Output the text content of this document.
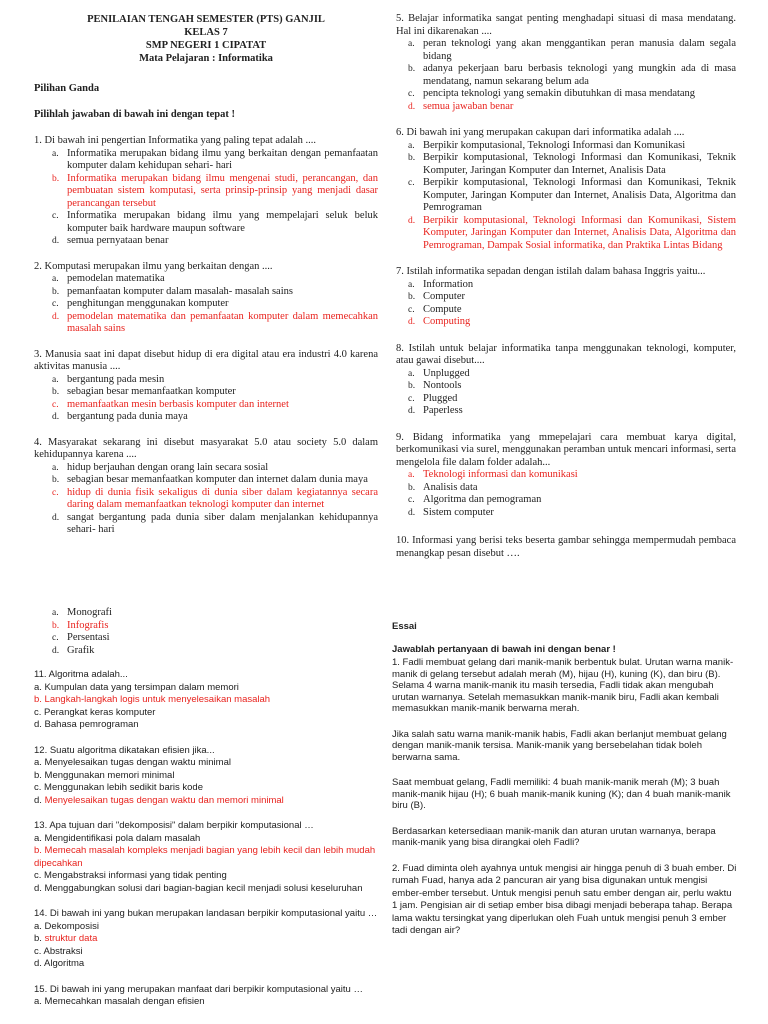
PENILAIAN TENGAH SEMESTER (PTS) GANJIL
KELAS 7
SMP NEGERI 1 CIPATAT
Mata Pelajaran : Informatika
Pilihan Ganda
Pilihlah jawaban di bawah ini dengan tepat !
1. Di bawah ini pengertian Informatika yang paling tepat adalah ....
a. Informatika merupakan bidang ilmu yang berkaitan dengan pemanfaatan komputer dalam kehidupan sehari- hari
b. Informatika merupakan bidang ilmu mengenai studi, perancangan, dan pembuatan sistem komputasi, serta prinsip-prinsip yang menjadi dasar perancangan tersebut
c. Informatika merupakan bidang ilmu yang mempelajari seluk beluk komputer baik hardware maupun software
d. semua pernyataan benar
2. Komputasi merupakan ilmu yang berkaitan dengan ....
a. pemodelan matematika
b. pemanfaatan komputer dalam masalah- masalah sains
c. penghitungan menggunakan komputer
d. pemodelan matematika dan pemanfaatan komputer dalam memecahkan masalah sains
3. Manusia saat ini dapat disebut hidup di era digital atau era industri 4.0 karena aktivitas manusia ....
a. bergantung pada mesin
b. sebagian besar memanfaatkan komputer
c. memanfaatkan mesin berbasis komputer dan internet
d. bergantung pada dunia maya
4. Masyarakat sekarang ini disebut masyarakat 5.0 atau society 5.0 dalam kehidupannya karena ....
a. hidup berjauhan dengan orang lain secara sosial
b. sebagian besar memanfaatkan komputer dan internet dalam dunia maya
c. hidup di dunia fisik sekaligus di dunia siber dalam kegiatannya secara daring dalam memanfaatkan teknologi komputer dan internet
d. sangat bergantung pada dunia siber dalam menjalankan kehidupannya sehari- hari
5. Belajar informatika sangat penting menghadapi situasi di masa mendatang. Hal ini dikarenakan ....
a. peran teknologi yang akan menggantikan peran manusia dalam segala bidang
b. adanya pekerjaan baru berbasis teknologi yang mungkin ada di masa mendatang, namun sekarang belum ada
c. pencipta teknologi yang semakin dibutuhkan di masa mendatang
d. semua jawaban benar
6. Di bawah ini yang merupakan cakupan dari informatika adalah ....
a. Berpikir komputasional, Teknologi Informasi dan Komunikasi
b. Berpikir komputasional, Teknologi Informasi dan Komunikasi, Teknik Komputer, Jaringan Komputer dan Internet, Analisis Data
c. Berpikir komputasional, Teknologi Informasi dan Komunikasi, Teknik Komputer, Jaringan Komputer dan Internet, Analisis Data, Algoritma dan Pemrograman
d. Berpikir komputasional, Teknologi Informasi dan Komunikasi, Sistem Komputer, Jaringan Komputer dan Internet, Analisis Data, Algoritma dan Pemrograman, Dampak Sosial informatika, dan Praktika Lintas Bidang
7. Istilah informatika sepadan dengan istilah dalam bahasa Inggris yaitu...
a. Information
b. Computer
c. Compute
d. Computing
8. Istilah untuk belajar informatika tanpa menggunakan teknologi, komputer, atau gawai disebut....
a. Unplugged
b. Nontools
c. Plugged
d. Paperless
9. Bidang informatika yang mmepelajari cara membuat karya digital, berkomunikasi via surel, menggunakan peramban untuk mencari informasi, serta mengelola file dalam folder adalah...
a. Teknologi informasi dan komunikasi
b. Analisis data
c. Algoritma dan pemograman
d. Sistem computer
10. Informasi yang berisi teks beserta gambar sehingga mempermudah pembaca menangkap pesan disebut ….
a. Monografi
b. Infografis
c. Persentasi
d. Grafik
11. Algoritma adalah...
a. Kumpulan data yang tersimpan dalam memori
b. Langkah-langkah logis untuk menyelesaikan masalah
c. Perangkat keras komputer
d. Bahasa pemrograman
12. Suatu algoritma dikatakan efisien jika...
a. Menyelesaikan tugas dengan waktu minimal
b. Menggunakan memori minimal
c. Menggunakan lebih sedikit baris kode
d. Menyelesaikan tugas dengan waktu dan memori minimal
13. Apa tujuan dari "dekomposisi" dalam berpikir komputasional …
a. Mengidentifikasi pola dalam masalah
b. Memecah masalah kompleks menjadi bagian yang lebih kecil dan lebih mudah dipecahkan
c. Mengabstraksi informasi yang tidak penting
d. Menggabungkan solusi dari bagian-bagian kecil menjadi solusi keseluruhan
14. Di bawah ini yang bukan merupakan landasan berpikir komputasional yaitu …
a. Dekomposisi
b. struktur data
c. Abstraksi
d. Algoritma
15. Di bawah ini yang merupakan manfaat dari berpikir komputasional yaitu …
a. Memecahkan masalah dengan efisien
Essai
Jawablah pertanyaan di bawah ini dengan benar !
1. Fadli membuat gelang dari manik-manik berbentuk bulat. Urutan warna manik-manik di gelang tersebut adalah merah (M), hijau (H), kuning (K), dan biru (B). Selama 4 warna manik-manik itu masih tersedia, Fadli tidak akan mengubah urutan warnanya. Setelah memasukkan manik-manik biru, Fadli akan kembali memasukkan manik-manik berwarna merah.
Jika salah satu warna manik-manik habis, Fadli akan berlanjut membuat gelang dengan manik-manik tersisa. Manik-manik yang bersebelahan tidak boleh berwarna sama.
Saat membuat gelang, Fadli memiliki: 4 buah manik-manik merah (M); 3 buah manik-manik hijau (H); 6 buah manik-manik kuning (K); dan 4 buah manik-manik biru (B).
Berdasarkan ketersediaan manik-manik dan aturan urutan warnanya, berapa manik-manik yang bisa dirangkai oleh Fadli?
2. Fuad diminta oleh ayahnya untuk mengisi air hingga penuh di 3 buah ember. Di rumah Fuad, hanya ada 2 pancuran air yang bisa digunakan untuk mengisi ember-ember tersebut. Untuk mengisi penuh satu ember dengan air, perlu waktu 1 jam. Pengisian air di setiap ember bisa dibagi menjadi beberapa tahap. Berapa lama waktu tersingkat yang diperlukan oleh Fuah untuk mengisi penuh 3 ember tadi dengan air?
